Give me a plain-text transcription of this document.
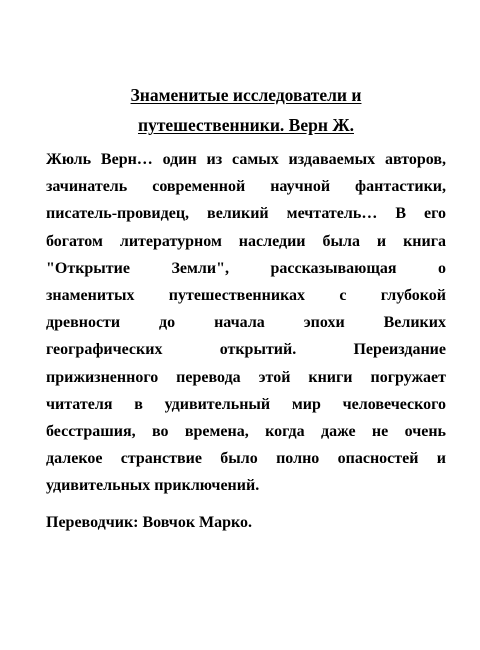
Знаменитые исследователи и
путешественники. Верн Ж.

Жюль Верн… один из самых издаваемых авторов,
зачинатель современной научной фантастики,
писатель-провидец, великий мечтатель… В его
богатом литературном наследии была и книга
"Открытие Земли", рассказывающая о
знаменитых путешественниках с глубокой
древности до начала эпохи Великих
географических открытий. Переиздание
прижизненного перевода этой книги погружает
читателя в удивительный мир человеческого
бесстрашия, во времена, когда даже не очень
далекое странствие было полно опасностей и
удивительных приключений.

Переводчик: Вовчок Марко.
